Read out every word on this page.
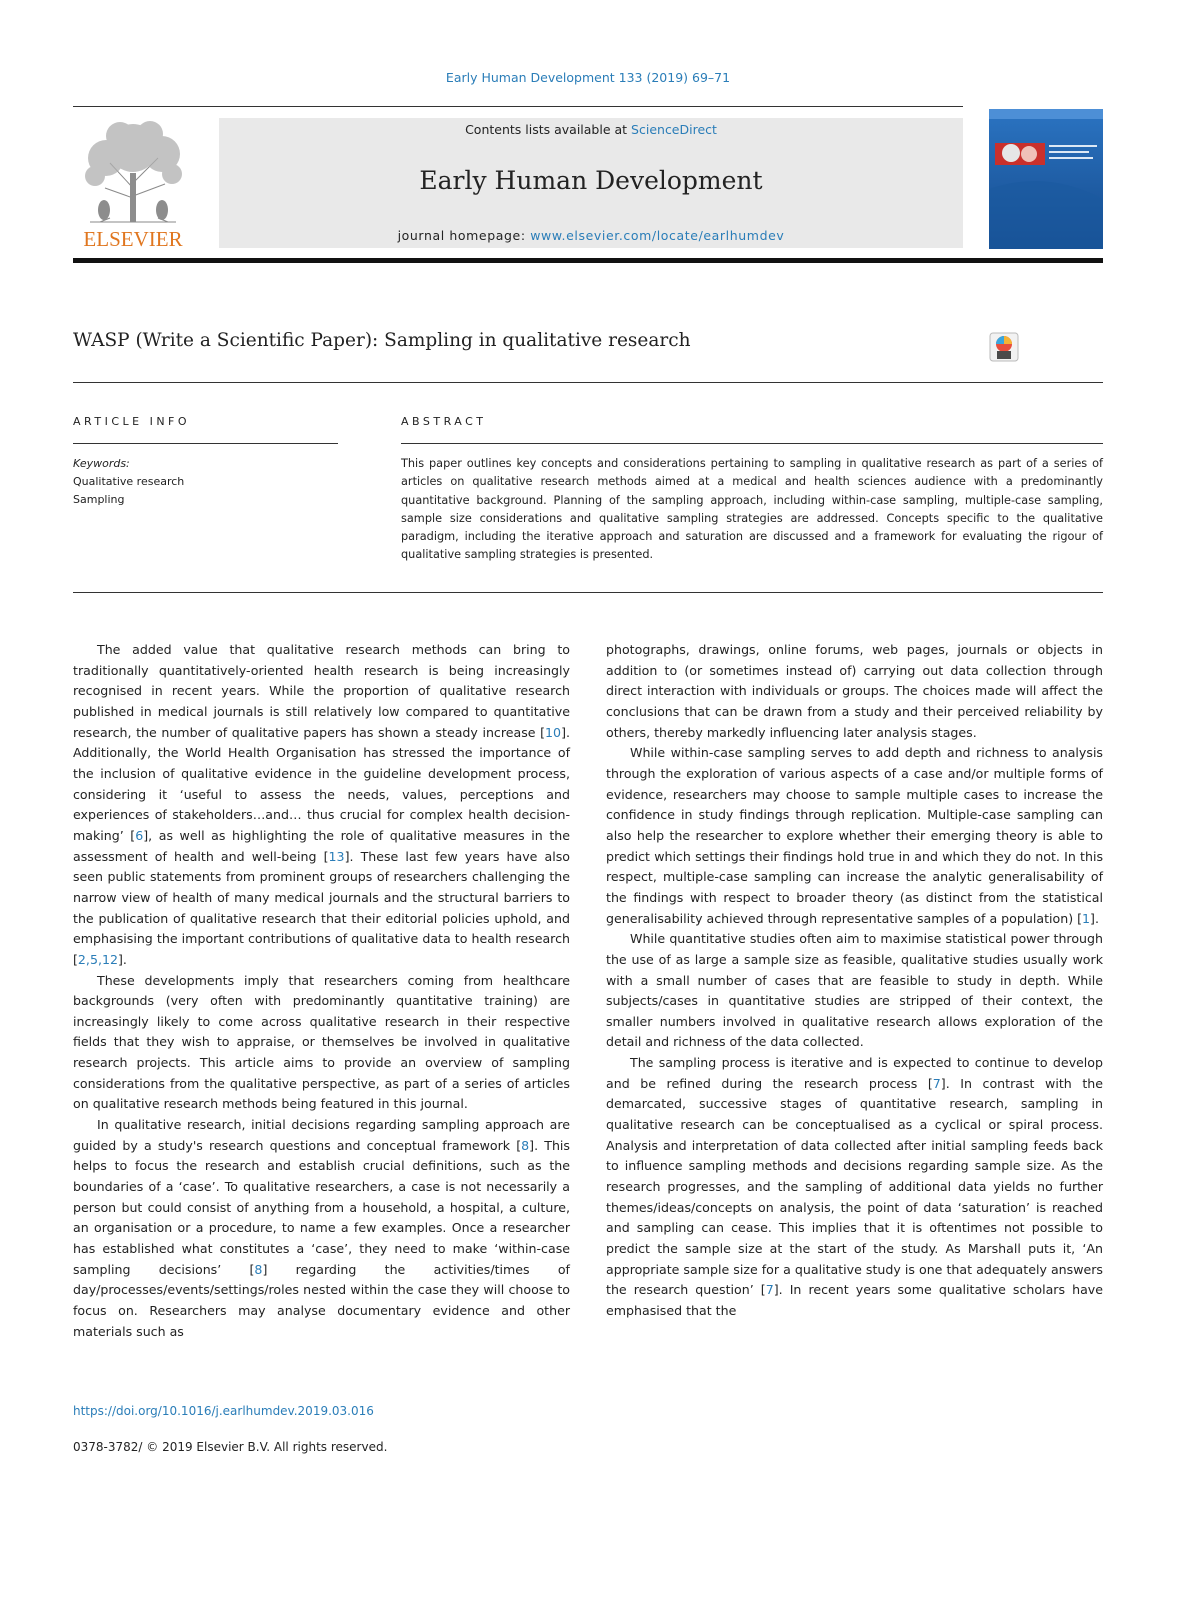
Early Human Development 133 (2019) 69–71
ELSEVIER
Contents lists available at ScienceDirect
Early Human Development
journal homepage: www.elsevier.com/locate/earlhumdev
WASP (Write a Scientific Paper): Sampling in qualitative research
ARTICLE INFO	ABSTRACT
Keywords:
Qualitative research
Sampling
This paper outlines key concepts and considerations pertaining to sampling in qualitative research as part of a series of articles on qualitative research methods aimed at a medical and health sciences audience with a predominantly quantitative background. Planning of the sampling approach, including within-case sampling, multiple-case sampling, sample size considerations and qualitative sampling strategies are addressed. Concepts specific to the qualitative paradigm, including the iterative approach and saturation are discussed and a framework for evaluating the rigour of qualitative sampling strategies is presented.

The added value that qualitative research methods can bring to traditionally quantitatively-oriented health research is being increasingly recognised in recent years. While the proportion of qualitative research published in medical journals is still relatively low compared to quantitative research, the number of qualitative papers has shown a steady increase [10]. Additionally, the World Health Organisation has stressed the importance of the inclusion of qualitative evidence in the guideline development process, considering it ‘useful to assess the needs, values, perceptions and experiences of stakeholders…and… thus crucial for complex health decision-making’ [6], as well as highlighting the role of qualitative measures in the assessment of health and well-being [13]. These last few years have also seen public statements from prominent groups of researchers challenging the narrow view of health of many medical journals and the structural barriers to the publication of qualitative research that their editorial policies uphold, and emphasising the important contributions of qualitative data to health research [2,5,12].

These developments imply that researchers coming from healthcare backgrounds (very often with predominantly quantitative training) are increasingly likely to come across qualitative research in their respective fields that they wish to appraise, or themselves be involved in qualitative research projects. This article aims to provide an overview of sampling considerations from the qualitative perspective, as part of a series of articles on qualitative research methods being featured in this journal.

In qualitative research, initial decisions regarding sampling approach are guided by a study's research questions and conceptual framework [8]. This helps to focus the research and establish crucial definitions, such as the boundaries of a ‘case’. To qualitative researchers, a case is not necessarily a person but could consist of anything from a household, a hospital, a culture, an organisation or a procedure, to name a few examples. Once a researcher has established what constitutes a ‘case’, they need to make ‘within-case sampling decisions’ [8] regarding the activities/times of day/processes/events/settings/roles nested within the case they will choose to focus on. Researchers may analyse documentary evidence and other materials such as

photographs, drawings, online forums, web pages, journals or objects in addition to (or sometimes instead of) carrying out data collection through direct interaction with individuals or groups. The choices made will affect the conclusions that can be drawn from a study and their perceived reliability by others, thereby markedly influencing later analysis stages.

While within-case sampling serves to add depth and richness to analysis through the exploration of various aspects of a case and/or multiple forms of evidence, researchers may choose to sample multiple cases to increase the confidence in study findings through replication. Multiple-case sampling can also help the researcher to explore whether their emerging theory is able to predict which settings their findings hold true in and which they do not. In this respect, multiple-case sampling can increase the analytic generalisability of the findings with respect to broader theory (as distinct from the statistical generalisability achieved through representative samples of a population) [1].

While quantitative studies often aim to maximise statistical power through the use of as large a sample size as feasible, qualitative studies usually work with a small number of cases that are feasible to study in depth. While subjects/cases in quantitative studies are stripped of their context, the smaller numbers involved in qualitative research allows exploration of the detail and richness of the data collected.

The sampling process is iterative and is expected to continue to develop and be refined during the research process [7]. In contrast with the demarcated, successive stages of quantitative research, sampling in qualitative research can be conceptualised as a cyclical or spiral process. Analysis and interpretation of data collected after initial sampling feeds back to influence sampling methods and decisions regarding sample size. As the research progresses, and the sampling of additional data yields no further themes/ideas/concepts on analysis, the point of data ‘saturation’ is reached and sampling can cease. This implies that it is oftentimes not possible to predict the sample size at the start of the study. As Marshall puts it, ‘An appropriate sample size for a qualitative study is one that adequately answers the research question’ [7]. In recent years some qualitative scholars have emphasised that the

https://doi.org/10.1016/j.earlhumdev.2019.03.016
0378-3782/ © 2019 Elsevier B.V. All rights reserved.
